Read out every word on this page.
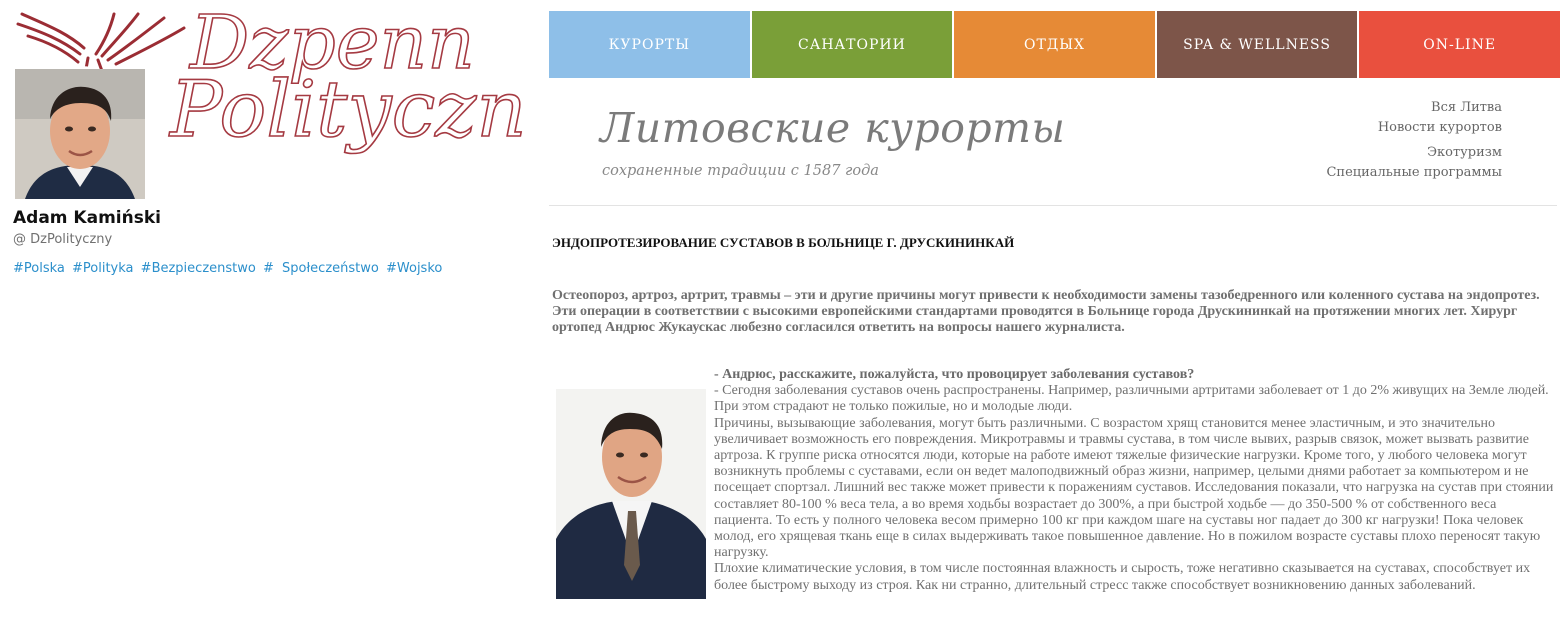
Dzpenn
Polityczn
Adam Kamiński
@ DzPolityczny
#Polska #Polityka #Bezpieczenstwo # Społeczeństwo #Wojsko
КУРОРТЫ	САНАТОРИИ	ОТДЫХ	SPA & WELLNESS	ON-LINE
Литовские курорты
сохраненные традиции с 1587 года
Вся Литва
Новости курортов
Экотуризм
Специальные программы
ЭНДОПРОТЕЗИРОВАНИЕ СУСТАВОВ В БОЛЬНИЦЕ Г. ДРУСКИНИНКАЙ
Остеопороз, артроз, артрит, травмы – эти и другие причины могут привести к необходимости замены тазобедренного или коленного сустава на эндопротез. Эти операции в соответствии с высокими европейскими стандартами проводятся в Больнице города Друскининкай на протяжении многих лет. Хирург ортопед Андрюс Жукаускас любезно согласился ответить на вопросы нашего журналиста.

- Андрюс, расскажите, пожалуйста, что провоцирует заболевания суставов?

- Сегодня заболевания суставов очень распространены. Например, различными артритами заболевает от 1 до 2% живущих на Земле людей. При этом страдают не только пожилые, но и молодые люди.

Причины, вызывающие заболевания, могут быть различными. С возрастом хрящ становится менее эластичным, и это значительно увеличивает возможность его повреждения. Микротравмы и травмы сустава, в том числе вывих, разрыв связок, может вызвать развитие артроза. К группе риска относятся люди, которые на работе имеют тяжелые физические нагрузки. Кроме того, у любого человека могут возникнуть проблемы с суставами, если он ведет малоподвижный образ жизни, например, целыми днями работает за компьютером и не посещает спортзал. Лишний вес также может привести к поражениям суставов. Исследования показали, что нагрузка на сустав при стоянии составляет 80-100 % веса тела, а во время ходьбы возрастает до 300%, а при быстрой ходьбе — до 350-500 % от собственного веса пациента. То есть у полного человека весом примерно 100 кг при каждом шаге на суставы ног падает до 300 кг нагрузки! Пока человек молод, его хрящевая ткань еще в силах выдерживать такое повышенное давление. Но в пожилом возрасте суставы плохо переносят такую нагрузку.

Плохие климатические условия, в том числе постоянная влажность и сырость, тоже негативно сказывается на суставах, способствует их более быстрому выходу из строя. Как ни странно, длительный стресс также способствует возникновению данных заболеваний.
